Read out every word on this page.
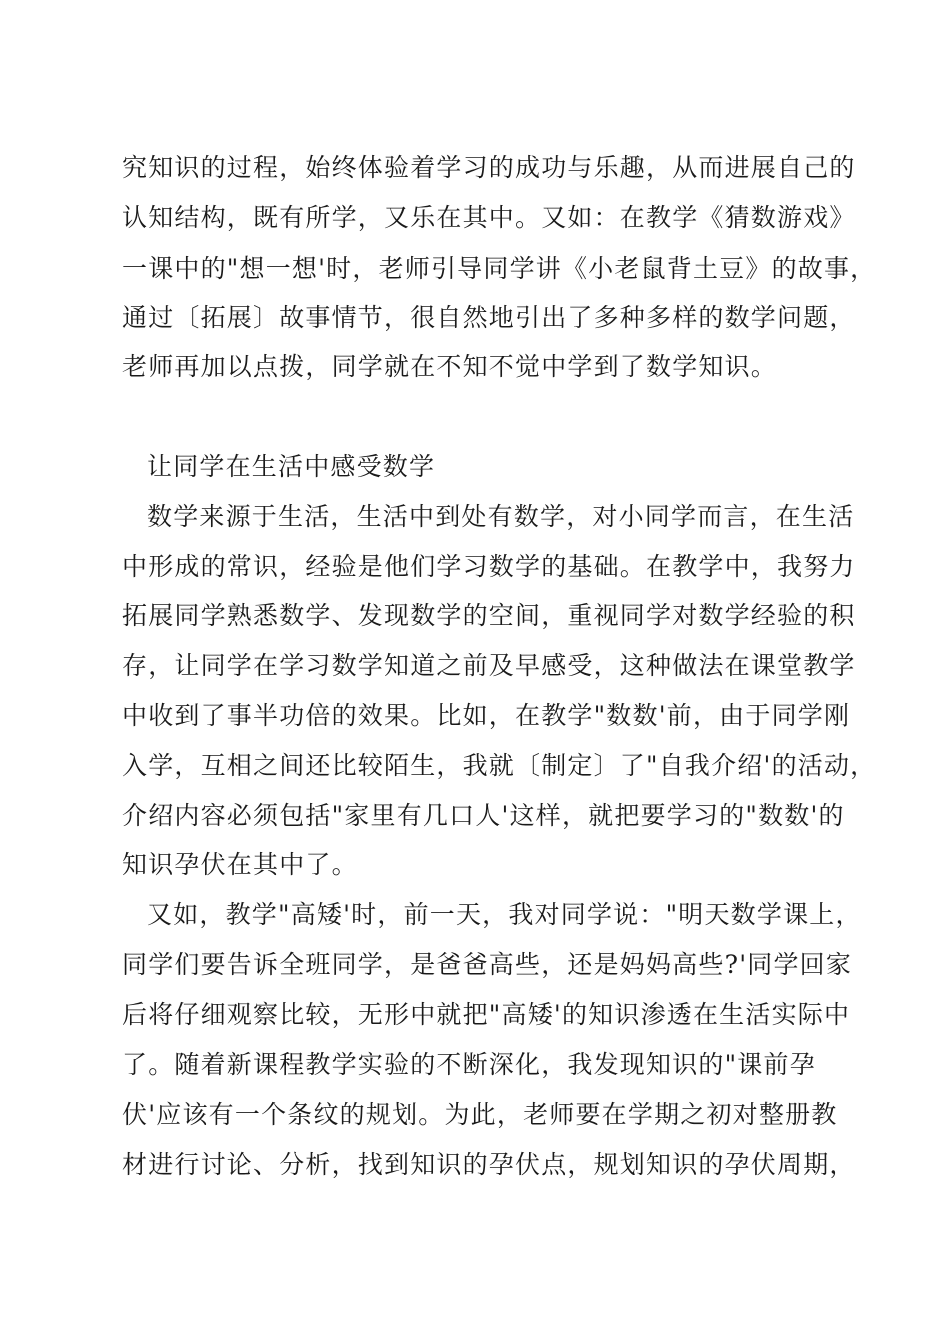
究知识的过程，始终体验着学习的成功与乐趣，从而进展自己的
认知结构，既有所学，又乐在其中。又如：在教学《猜数游戏》
一课中的"想一想'时，老师引导同学讲《小老鼠背土豆》的故事，
通过〔拓展〕故事情节，很自然地引出了多种多样的数学问题，
老师再加以点拨，同学就在不知不觉中学到了数学知识。
让同学在生活中感受数学
数学来源于生活，生活中到处有数学，对小同学而言，在生活
中形成的常识，经验是他们学习数学的基础。在教学中，我努力
拓展同学熟悉数学、发现数学的空间，重视同学对数学经验的积
存，让同学在学习数学知道之前及早感受，这种做法在课堂教学
中收到了事半功倍的效果。比如，在教学"数数'前，由于同学刚
入学，互相之间还比较陌生，我就〔制定〕了"自我介绍'的活动，
介绍内容必须包括"家里有几口人'这样，就把要学习的"数数'的
知识孕伏在其中了。
又如，教学"高矮'时，前一天，我对同学说："明天数学课上，
同学们要告诉全班同学，是爸爸高些，还是妈妈高些?'同学回家
后将仔细观察比较，无形中就把"高矮'的知识渗透在生活实际中
了。随着新课程教学实验的不断深化，我发现知识的"课前孕
伏'应该有一个条纹的规划。为此，老师要在学期之初对整册教
材进行讨论、分析，找到知识的孕伏点，规划知识的孕伏周期，
